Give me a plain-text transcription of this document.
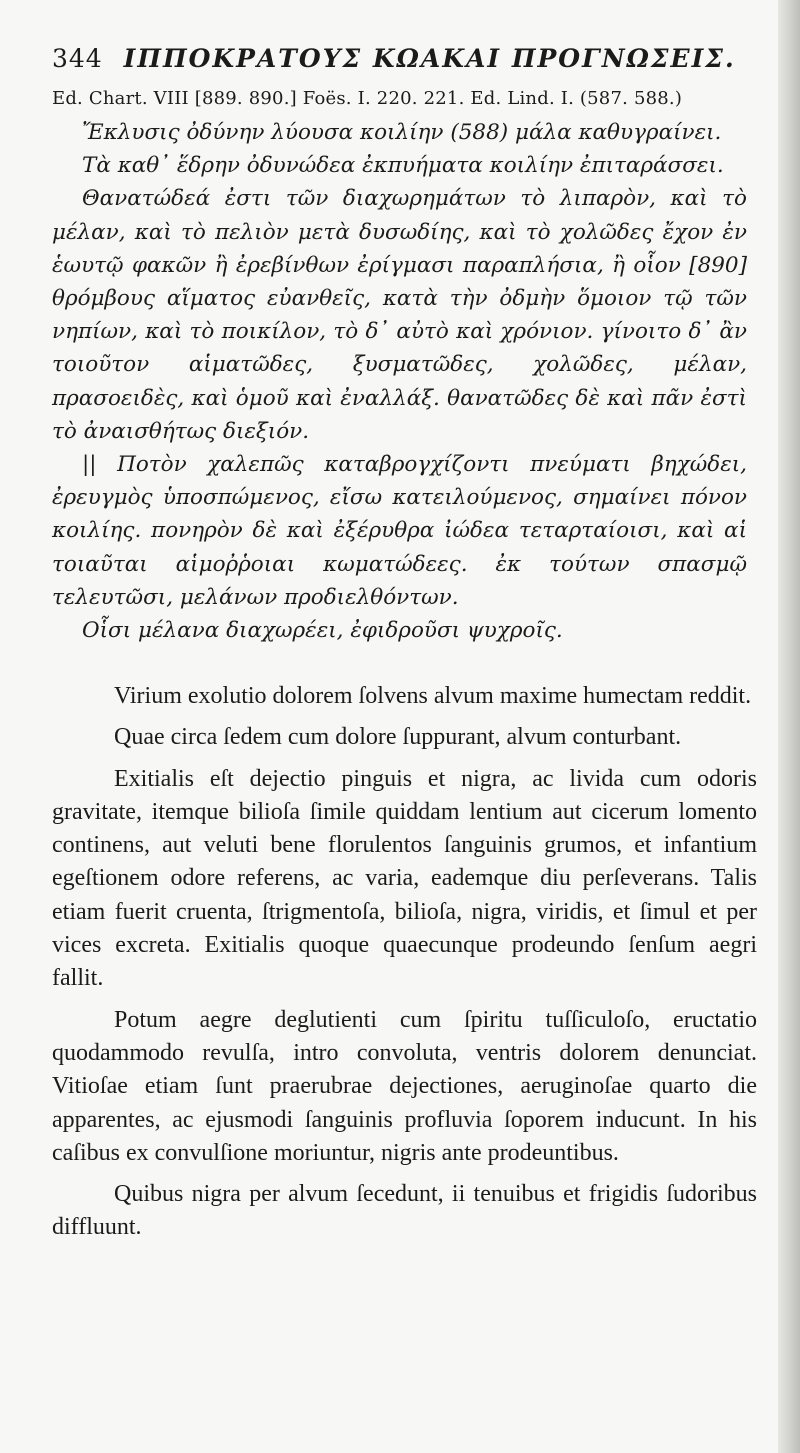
344 ΙΠΠΟΚΡΑΤΟΥΣ ΚΩΑΚΑΙ ΠΡΟΓΝΩΣΕΙΣ.
Ed. Chart. VIII [889. 890.] Foës. I. 220. 221. Ed. Lind. I. (587. 588.)

Ἔκλυσις ὀδύνην λύουσα κοιλίην (588) μάλα καθυγραίνει.

Τὰ καθ᾽ ἕδρην ὀδυνώδεα ἐκπυήματα κοιλίην ἐπιταράσσει.

Θανατώδεά ἐστι τῶν διαχωρημάτων τὸ λιπαρὸν, καὶ τὸ μέλαν, καὶ τὸ πελιὸν μετὰ δυσωδίης, καὶ τὸ χολῶδες ἔχον ἐν ἑωυτῷ φακῶν ἢ ἐρεβίνθων ἐρίγμασι παραπλήσια, ἢ οἷον [890] θρόμβους αἵματος εὐανθεῖς, κατὰ τὴν ὀδμὴν ὅμοιον τῷ τῶν νηπίων, καὶ τὸ ποικίλον, τὸ δ᾽ αὐτὸ καὶ χρόνιον. γίνοιτο δ᾽ ἂν τοιοῦτον αἱματῶδες, ξυσματῶδες, χολῶδες, μέλαν, πρασοειδὲς, καὶ ὁμοῦ καὶ ἐναλλάξ. θανατῶδες δὲ καὶ πᾶν ἐστὶ τὸ ἀναισθήτως διεξιόν.

|| Ποτὸν χαλεπῶς καταβρογχίζοντι πνεύματι βηχώδει, ἐρευγμὸς ὑποσπώμενος, εἴσω κατειλούμενος, σημαίνει πόνον κοιλίης. πονηρὸν δὲ καὶ ἐξέρυθρα ἰώδεα τεταρταίοισι, καὶ αἱ τοιαῦται αἱμοῤῥοιαι κωματώδεες. ἐκ τούτων σπασμῷ τελευτῶσι, μελάνων προδιελθόντων.

Οἷσι μέλανα διαχωρέει, ἐφιδροῦσι ψυχροῖς.

Virium exolutio dolorem ſolvens alvum maxime humectam reddit.

Quae circa ſedem cum dolore ſuppurant, alvum conturbant.

Exitialis eſt dejectio pinguis et nigra, ac livida cum odoris gravitate, itemque bilioſa ſimile quiddam lentium aut cicerum lomento continens, aut veluti bene florulentos ſanguinis grumos, et infantium egeſtionem odore referens, ac varia, eademque diu perſeverans. Talis etiam fuerit cruenta, ſtrigmentoſa, bilioſa, nigra, viridis, et ſimul et per vices excreta. Exitialis quoque quaecunque prodeundo ſenſum aegri fallit.

Potum aegre deglutienti cum ſpiritu tuſſiculoſo, eructatio quodammodo revulſa, intro convoluta, ventris dolorem denunciat. Vitioſae etiam ſunt praerubrae dejectiones, aeruginoſae quarto die apparentes, ac ejusmodi ſanguinis profluvia ſoporem inducunt. In his caſibus ex convulſione moriuntur, nigris ante prodeuntibus.

Quibus nigra per alvum ſecedunt, ii tenuibus et frigidis ſudoribus diffluunt.
